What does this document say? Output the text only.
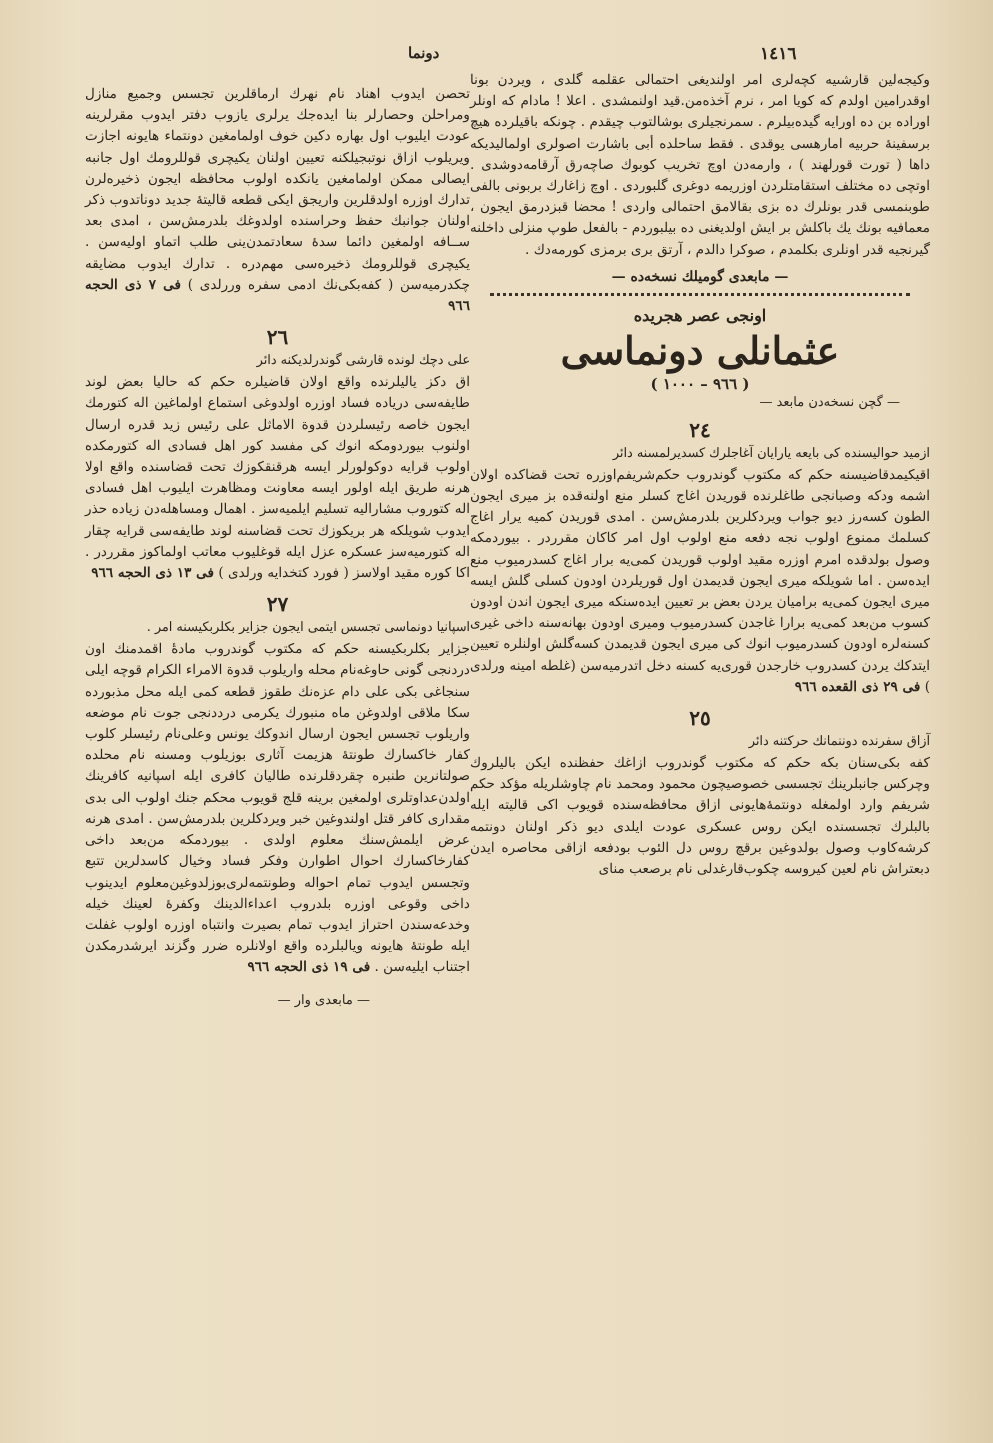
١٤١٦
دونما

وكيجه‌لين قارشىيه كچه‌لرى امر اولنديغى احتمالى عقلمه گلدى ، ويردن بونا اوقدرامين اولدم كه كويا امر ، نرم آخذه‌من.قيد اولنمشدى . اعلا ! مادام كه اونلر اوراده بن ده اورايه گيده‌بيلرم . سمرنجيلرى بوشالتوب چيقدم . چونكه باقيلرده هيچ برسفينهٔ حربيه امارهسى يوقدى . فقط ساحلده أبى باشارت اصولرى اولماليديكه داها ( تورت قورلهند ) ، وارمه‌دن اوچ تخريب كوبوك صاچه‌رق آرقامه‌دوشدى . اوتچى ده مختلف استقامتلردن اوزريمه دوغرى گلبوردى . اوچ زاغارك بربونى بالفى طوبنمسى قدر بونلرك ده بزى بقالامق احتمالى واردى ! محضا قبزدرمق ايجون ، معمافيه بونك يك باكلش بر ايش اولديغنى ده بيلبوردم - بالفعل طوپ منزلى داخلنه گيرنجيه قدر اونلرى بكلمدم ، صوكرا دالدم ، آرتق برى برمزى كورمه‌دك .

— مابعدى گوميلك نسخه‌ده —
اونجى عصر هجريده
عثمانلى دونماسى
( ٩٦٦ – ١٠٠٠ )
— گچن نسخه‌دن مابعد —
٢٤
ازميد حواليسنده كى بايعه يارايان آغاجلرك كسديرلمسنه دائر

اقيكيمدقاضيسنه حكم كه مكتوب گوندروب حكم‌شريفم‌اوزره تحت قضاكده اولان اشمه ودكه وصبانجى طاغلرنده قوريدن اغاج كسلر منع اولنه‌قده بز ميرى ايجون الطون كسه‌رز ديو جواب ويردكلرين بلدرمش‌سن . امدى قوريدن كميه يرار اغاج كسلمك ممنوع اولوب نجه دفعه منع اولوب اول امر كاكان مقرردر . بيوردمكه وصول بولدقده امرم اوزره مقيد اولوب قوريدن كمى‌يه برار اغاج كسدرميوب منع ايده‌سن . اما شويلكه ميرى ايجون قديمدن اول قوريلردن اودون كسلى گلش ايسه ميرى ايجون كمى‌يه براميان يردن بعض بر تعيين ايده‌سنكه ميرى ايجون اندن اودون كسوب من‌بعد كمى‌يه برارا غاجدن كسدرميوب وميرى اودون بهانه‌سنه داخى غيرى كسنه‌لره اودون كسدرميوب انوك كى ميرى ايجون قديمدن كسه‌گلش اولنلره تعيين ايتدكك يردن كسدروب خارجدن قورى‌يه كسنه دخل اتدرميه‌سن (غلطه امينه ورلدى ) فى ٢٩ ذى القعده ٩٦٦

٢٥
آزاق سفرنده دوننمانك حركتنه دائر

كفه بكى‌سنان بكه حكم كه مكتوب گوندروب ازاغك حفظنده ايكن باليلروك وچركس جانبلرينك تجسسى خصوصيچون محمود ومحمد نام چاوشلريله مؤكد حكم شريفم وارد اولمغله دونتمهٔ‌هايونى ازاق محافظه‌سنده قويوب اكى قاليته ايله بالبلرك تجسسنده ايكن روس عسكرى عودت ايلدى ديو ذكر اولنان دونتمه كرشه‌كاوب وصول بولدوغين برقچ روس دل الئوب بودفعه ازاقى محاصره ايدن دبعتراش نام لعين كيروسه چكوب‌قارغدلى نام برصعب مناى

تحصن ايدوب اهناد نام نهرك ارماقلرين تجسس وجميع منازل ومراحلن وحصارلر بنا ايده‌جك يرلرى يازوب دفتر ايدوب مقرلرينه عودت ايليوب اول بهاره دكين خوف اولمامغين دونتماء هايونه اجازت ويريلوب ازاق نوتبجيلكنه تعيين اولنان يكيچرى قوللرومك اول جانبه ايصالى ممكن اولمامغين يانكده اولوب محافظه ايجون ذخيره‌لرن تدارك اوزره اولدقلرين واريجق ايكى قطعه قاليتهٔ جديد دوناتدوب ذكر اولنان جوانبك حفظ وحراسنده اولدوغك بلدرمش‌سن ، امدى بعد ســافه اولمغين دائما سدهٔ سعادتمدن‌ينى طلب اتماو اوليه‌سن . يكيچرى قوللرومك ذخيره‌سى مهم‌دره . تدارك ايدوب مضايقه چكدرميه‌سن ( كفه‌بكى‌نك ادمى سفره وررلدى ) فى ٧ ذى الحجه ٩٦٦

٢٦
على دچك لونده قارشى گوندرلديكنه دائر

اق دكز ياليلرنده واقع اولان قاضيلره حكم كه حاليا بعض لوند طايفه‌سى درياده فساد اوزره اولدوغى استماع اولماغين اله كتورمك ايجون خاصه رئيسلردن قدوة الاماثل على رئيس زيد قدره ارسال اولنوب بيوردومكه انوك كى مفسد كور اهل فسادى اله كتورمكده اولوب قرايه دوكولورلر ايسه هرقنقكوزك تحت قضاسنده واقع اولا هرنه طريق ايله اولور ايسه معاونت ومظاهرت ايليوب اهل فسادى اله كتوروب مشاراليه تسليم ايلميه‌سز . اهمال ومساهله‌دن زياده حذر ايدوب شويلكه هر بريكوزك تحت قضاسنه لوند طايفه‌سى قرايه چقار اله كتورميه‌سز عسكره عزل ايله قوغليوب معاتب اولماكوز مقرردر . اكا كوره مقيد اولاسز ( فورد كتخدايه ورلدى ) فى ١٣ ذى الحجه ٩٦٦

٢٧
اسپانيا دونماسى تجسس ايتمى ايجون جزاير بكلربكيسنه امر .

جزاير بكلربكيسنه حكم كه مكتوب گوندروب مادةٔ اقمدمنك اون دردنجى گونى حاوغه‌نام محله واريلوب قدوة الامراء الكرام قوچه ايلى سنجاغى بكى على دام عزه‌نك طقوز قطعه كمى ايله محل مذبورده سكا ملاقى اولدوغن ماه منبورك يكرمى درددنجى جوت نام موضعه واريلوب تجسس ايجون ارسال اندوكك يونس وعلى‌نام رئيسلر كلوب كفار خاكسارك طونتهٔ هزيمت آثارى بوزيلوب ومسنه نام محلده صولتانرين طنبره چقردقلرنده طاليان كافرى ايله اسپانيه كافرينك اولدن‌عداوتلرى اولمغين برينه قلج قويوب محكم جنك اولوب الى بدى مقدارى كافر قتل اولندوغين خبر ويردكلرين بلدرمش‌سن . امدى هرنه عرض ايلمش‌سنك معلوم اولدى . بيوردمكه من‌بعد داخى كفارخاكسارك احوال اطوارن وفكر فساد وخيال كاسدلرين تتبع وتجسس ايدوب تمام احواله وطونتمه‌لرى‌بوزلدوغين‌معلوم ايدينوب داخى وقوعى اوزره بلدروب اعداءالدينك وكفرهٔ لعينك خيله وخدعه‌سندن احتراز ايدوب تمام بصيرت وانتباه اوزره اولوب غفلت ايله طونتهٔ هايونه ويالبلرده واقع اولانلره ضرر وگزند ايرشدرمكدن اجتناب ايليه‌سن . فى ١٩ ذى الحجه ٩٦٦

— مابعدى وار —
